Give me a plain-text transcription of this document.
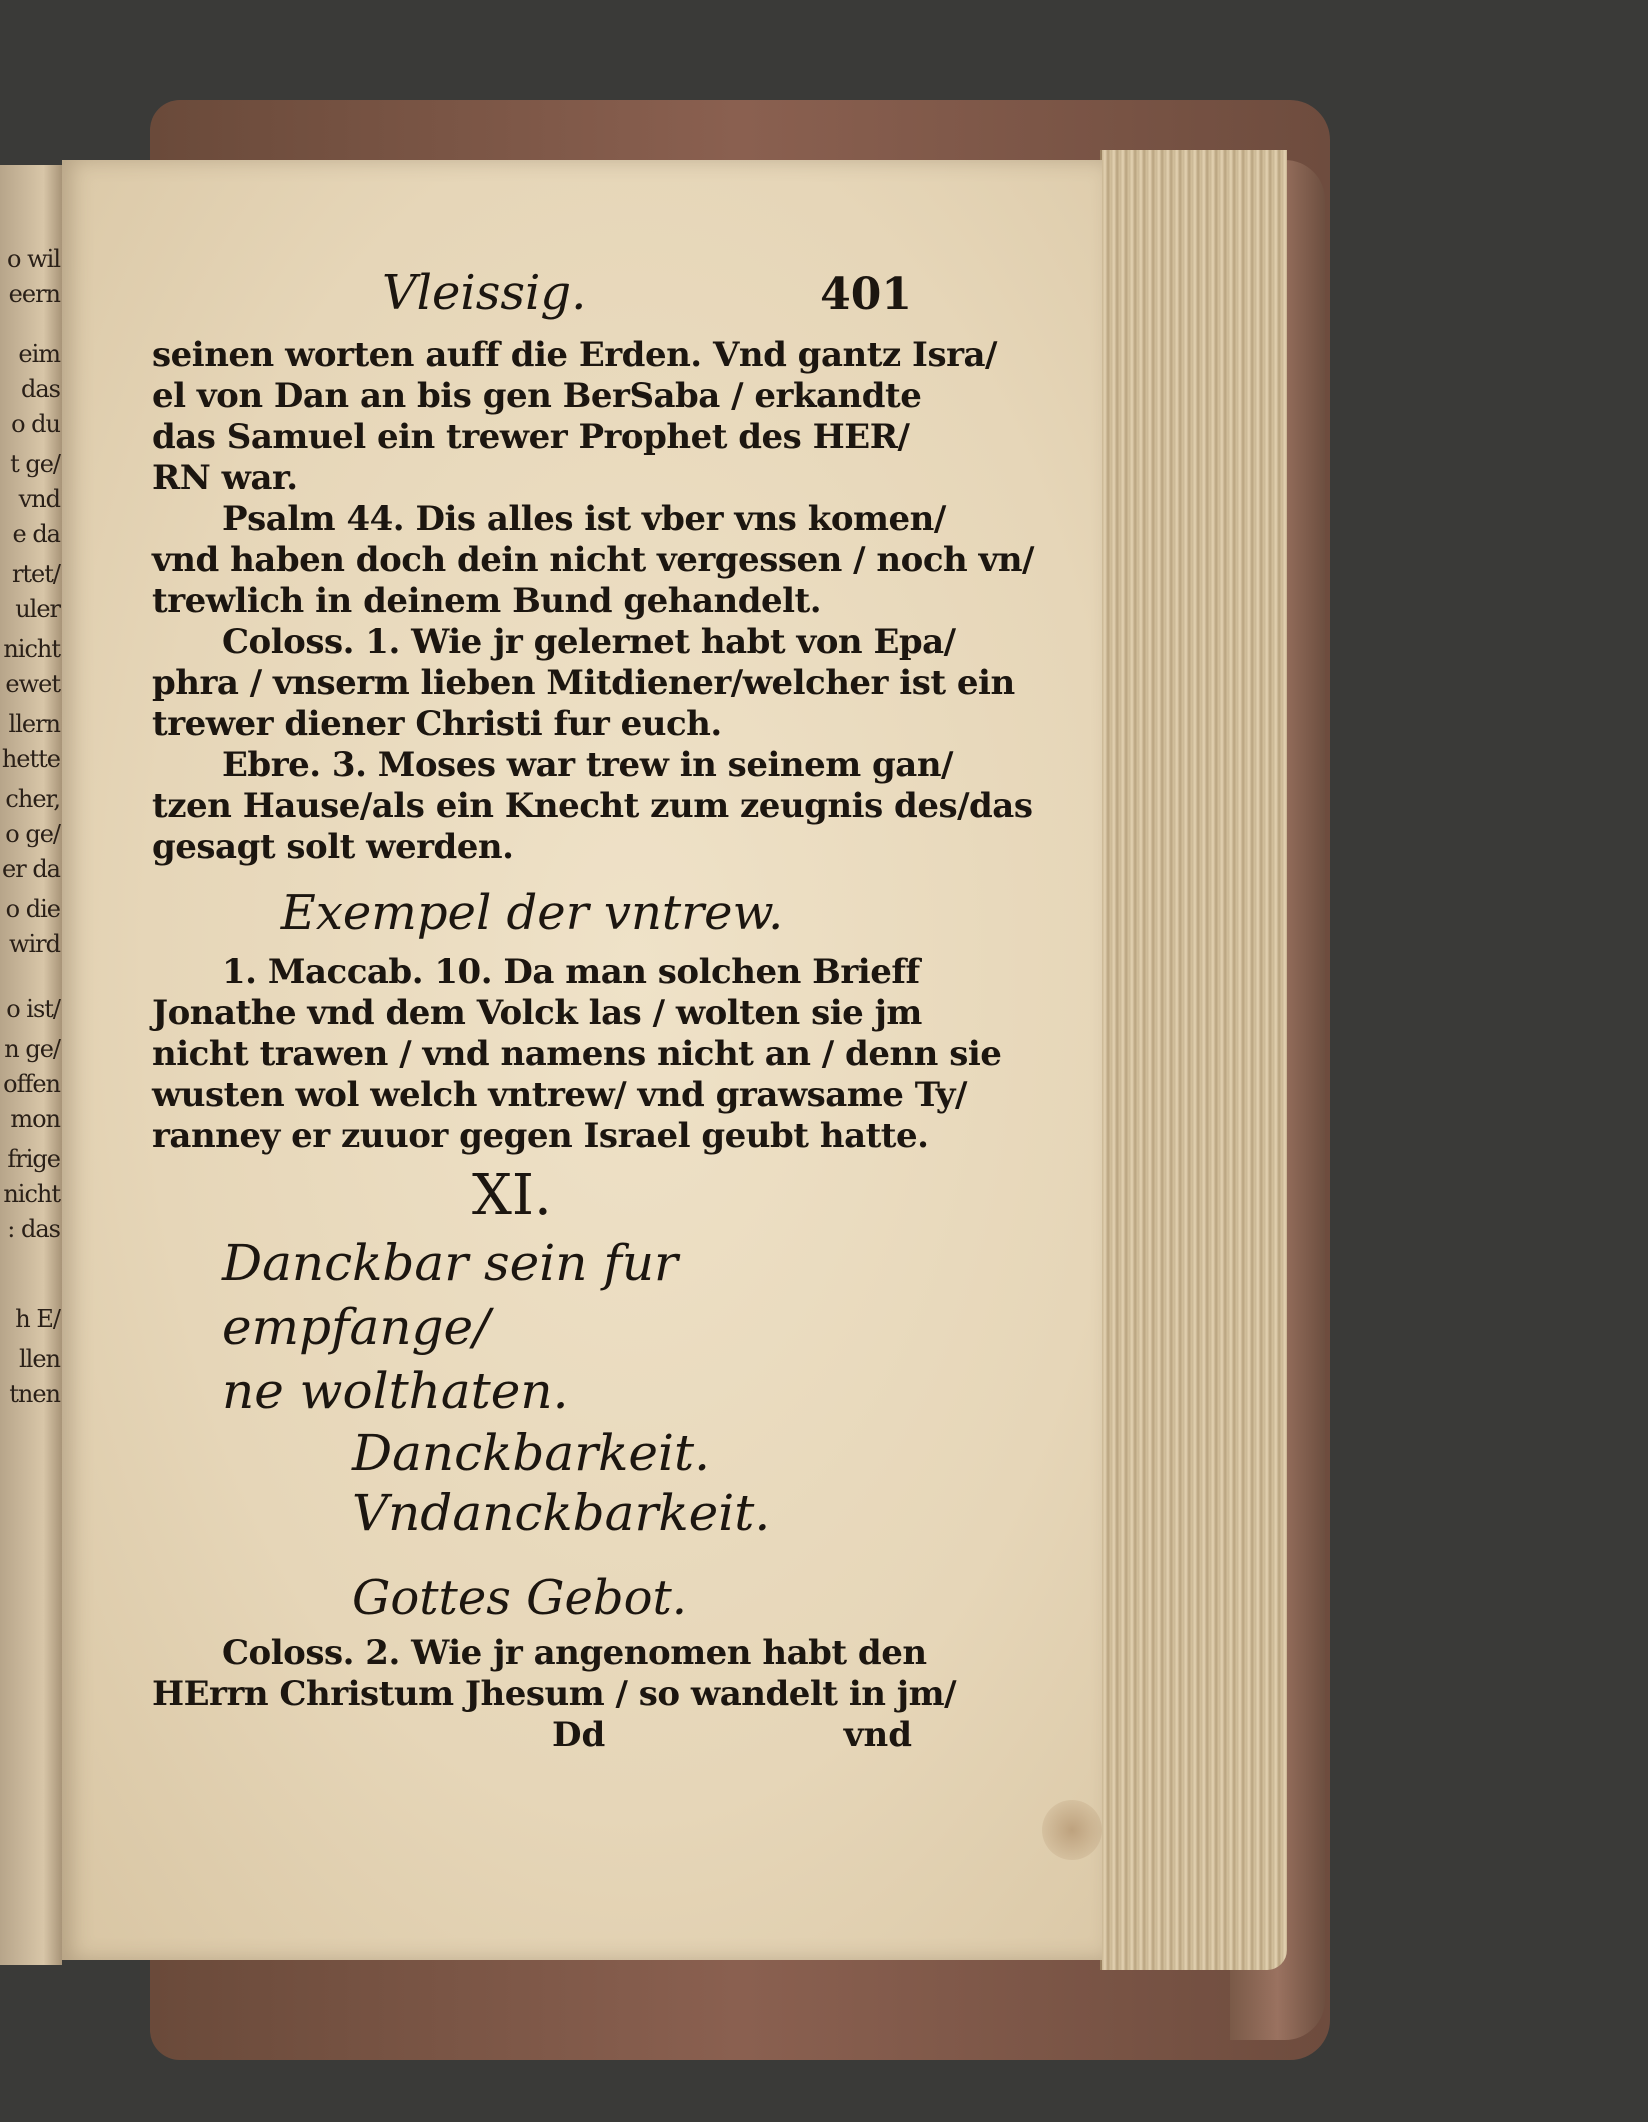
o wil
eern
eim
das
o du
t ge/
vnd
e da
rtet/
uler
nicht
ewet
llern
hette
cher,
o ge/
er da
o die
wird
o ist/
n ge/
offen
mon
frige
nicht
: das
h E/
llen
tnen
Vleissig.	401
seinen worten auff die Erden. Vnd gantz Isra/
el von Dan an bis gen BerSaba / erkandte
das Samuel ein trewer Prophet des HER/
RN war.
Psalm 44. Dis alles ist vber vns komen/
vnd haben doch dein nicht vergessen / noch vn/
trewlich in deinem Bund gehandelt.
Coloss. 1. Wie jr gelernet habt von Epa/
phra / vnserm lieben Mitdiener/welcher ist ein
trewer diener Christi fur euch.
Ebre. 3. Moses war trew in seinem gan/
tzen Hause/als ein Knecht zum zeugnis des/das
gesagt solt werden.
Exempel der vntrew.
1. Maccab. 10. Da man solchen Brieff
Jonathe vnd dem Volck las / wolten sie jm
nicht trawen / vnd namens nicht an / denn sie
wusten wol welch vntrew/ vnd grawsame Ty/
ranney er zuuor gegen Israel geubt hatte.
XI.
Danckbar sein fur empfange/
ne wolthaten.
Danckbarkeit.
Vndanckbarkeit.
Gottes Gebot.
Coloss. 2. Wie jr angenomen habt den
HErrn Christum Jhesum / so wandelt in jm/
Dd	vnd
